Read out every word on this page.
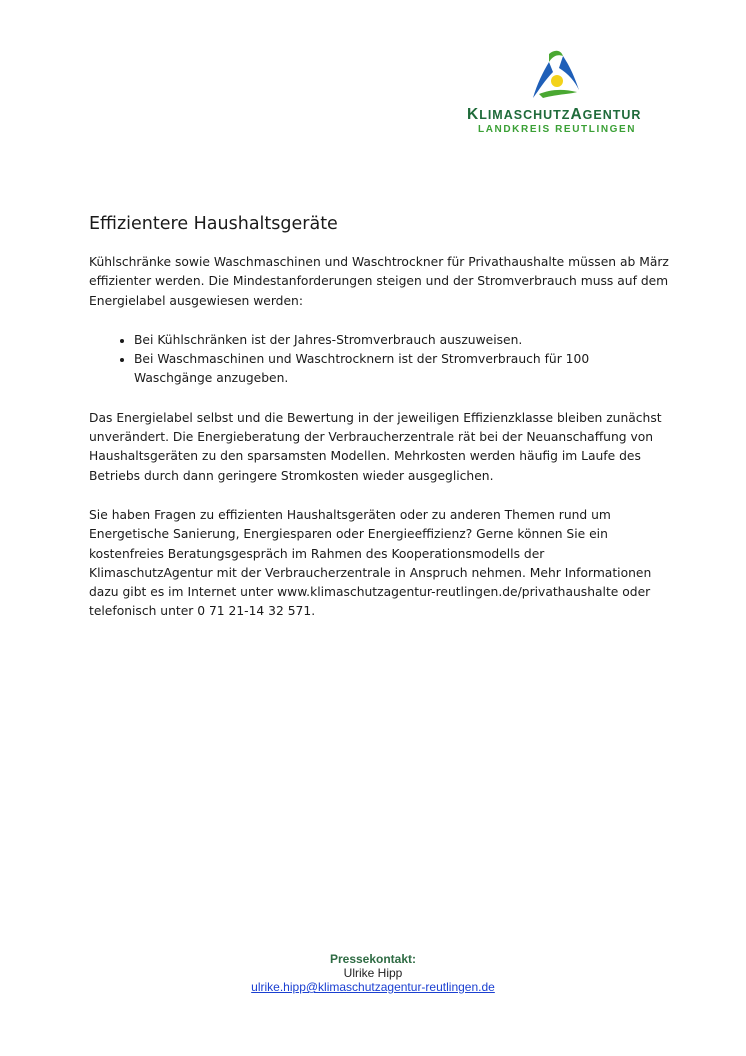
KLIMASCHUTZAGENTUR
LANDKREIS REUTLINGEN
Effizientere Haushaltsgeräte

Kühlschränke sowie Waschmaschinen und Waschtrockner für Privathaushalte müssen ab März effizienter werden. Die Mindestanforderungen steigen und der Stromverbrauch muss auf dem Energielabel ausgewiesen werden:

• Bei Kühlschränken ist der Jahres-Stromverbrauch auszuweisen.
• Bei Waschmaschinen und Waschtrocknern ist der Stromverbrauch für 100 Waschgänge anzugeben.

Das Energielabel selbst und die Bewertung in der jeweiligen Effizienzklasse bleiben zunächst unverändert. Die Energieberatung der Verbraucherzentrale rät bei der Neuanschaffung von Haushaltsgeräten zu den sparsamsten Modellen. Mehrkosten werden häufig im Laufe des Betriebs durch dann geringere Stromkosten wieder ausgeglichen.

Sie haben Fragen zu effizienten Haushaltsgeräten oder zu anderen Themen rund um Energetische Sanierung, Energiesparen oder Energieeffizienz? Gerne können Sie ein kostenfreies Beratungsgespräch im Rahmen des Kooperationsmodells der KlimaschutzAgentur mit der Verbraucherzentrale in Anspruch nehmen. Mehr Informationen dazu gibt es im Internet unter www.klimaschutzagentur-reutlingen.de/privathaushalte oder telefonisch unter 0 71 21-14 32 571.

Pressekontakt:
Ulrike Hipp
ulrike.hipp@klimaschutzagentur-reutlingen.de
